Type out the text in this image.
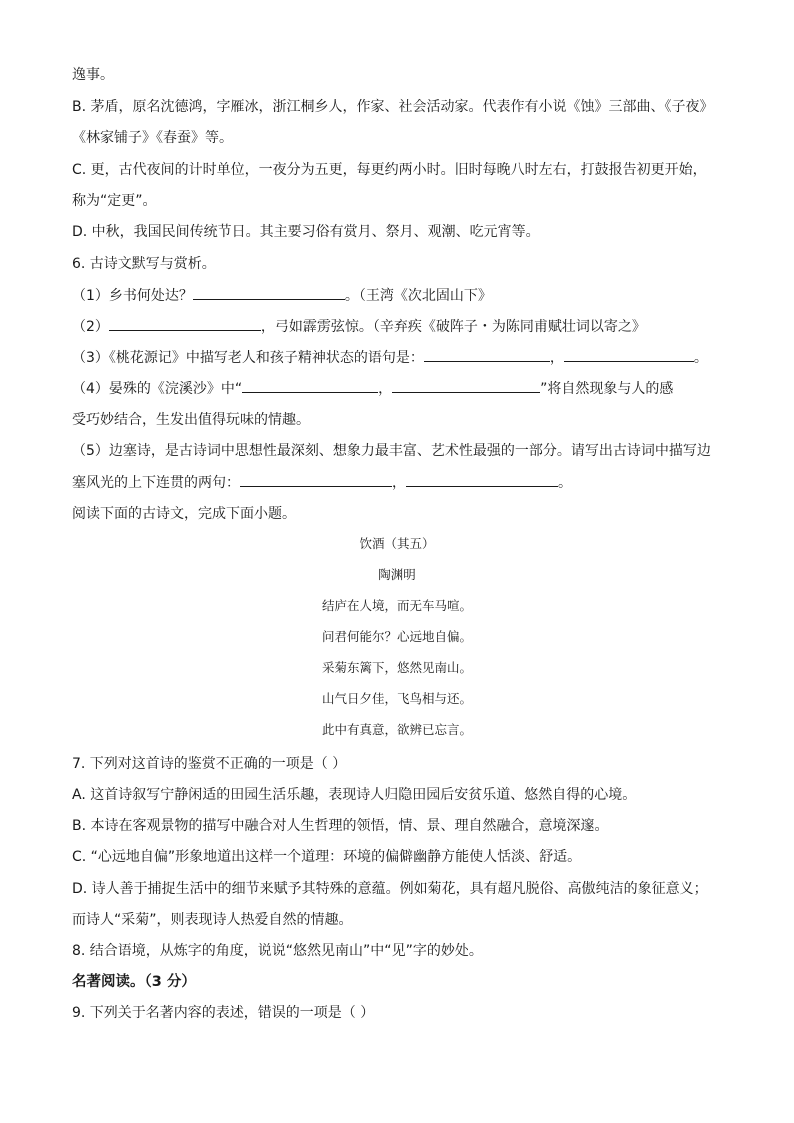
逸事。
B. 茅盾，原名沈德鸿，字雁冰，浙江桐乡人，作家、社会活动家。代表作有小说《蚀》三部曲、《子夜》
《林家铺子》《春蚕》等。
C. 更，古代夜间的计时单位，一夜分为五更，每更约两小时。旧时每晚八时左右，打鼓报告初更开始，
称为“定更”。
D. 中秋，我国民间传统节日。其主要习俗有赏月、祭月、观潮、吃元宵等。
6. 古诗文默写与赏析。
（1）乡书何处达？	。（王湾《次北固山下》
（2）	，弓如霹雳弦惊。（辛弃疾《破阵子・为陈同甫赋壮词以寄之》
（3）《桃花源记》中描写老人和孩子精神状态的语句是：	，	。
（4）晏殊的《浣溪沙》中“	，	”将自然现象与人的感
受巧妙结合，生发出值得玩味的情趣。
（5）边塞诗，是古诗词中思想性最深刻、想象力最丰富、艺术性最强的一部分。请写出古诗词中描写边
塞风光的上下连贯的两句：	，	。
阅读下面的古诗文，完成下面小题。
饮酒（其五）
陶渊明
结庐在人境，而无车马喧。
问君何能尔？心远地自偏。
采菊东篱下，悠然见南山。
山气日夕佳，飞鸟相与还。
此中有真意，欲辨已忘言。
7. 下列对这首诗的鉴赏不正确的一项是（ ）
A. 这首诗叙写宁静闲适的田园生活乐趣，表现诗人归隐田园后安贫乐道、悠然自得的心境。
B. 本诗在客观景物的描写中融合对人生哲理的领悟，情、景、理自然融合，意境深邃。
C. “心远地自偏”形象地道出这样一个道理：环境的偏僻幽静方能使人恬淡、舒适。
D. 诗人善于捕捉生活中的细节来赋予其特殊的意蕴。例如菊花，具有超凡脱俗、高傲纯洁的象征意义；
而诗人“采菊”，则表现诗人热爱自然的情趣。
8. 结合语境，从炼字的角度，说说“悠然见南山”中“见”字的妙处。
名著阅读。（3 分）
9. 下列关于名著内容的表述，错误的一项是（ ）
